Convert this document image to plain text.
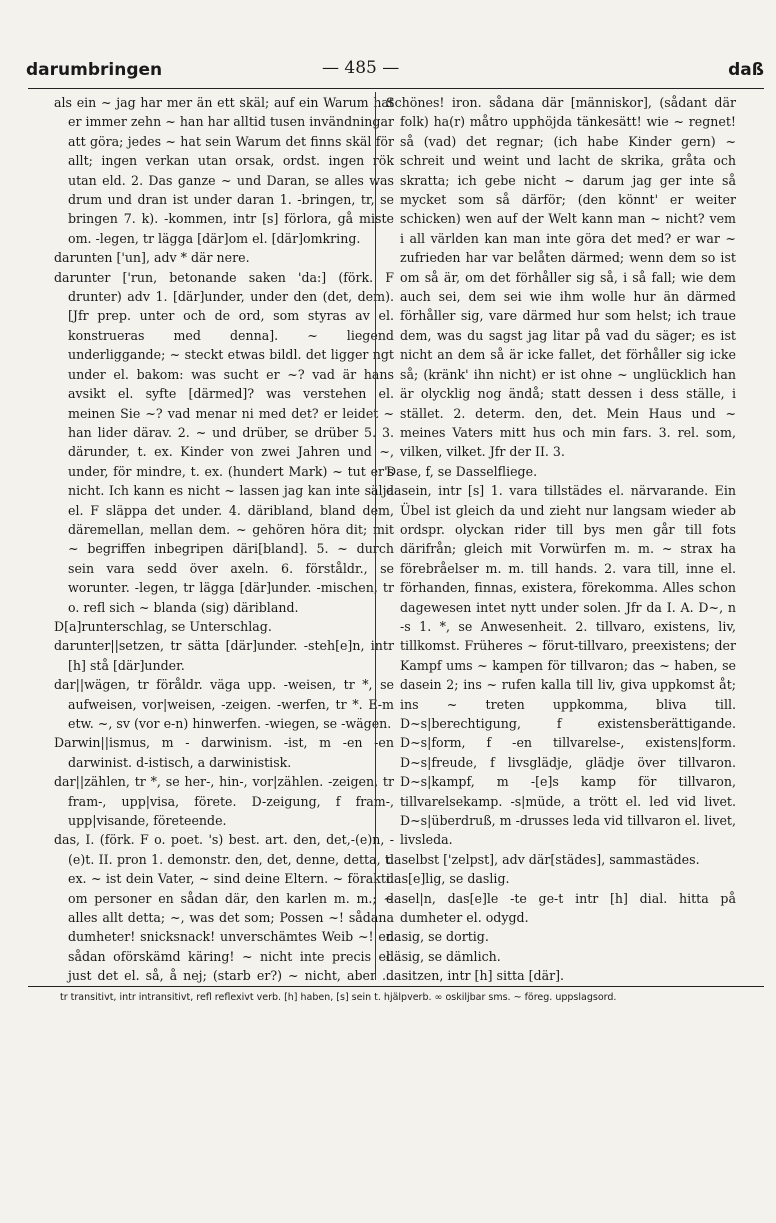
darumbringen	— 485 —	daß

als ein ~ jag har mer än ett skäl; auf ein Warum hat er immer zehn ~ han har alltid tusen invändningar att göra; jedes ~ hat sein Warum det finns skäl för allt; ingen verkan utan orsak, ordst. ingen rök utan eld. 2. Das ganze ~ und Daran, se alles was drum und dran ist under daran 1. -bringen, tr, se bringen 7. k). -kommen, intr [s] förlora, gå miste om. -legen, tr lägga [där]om el. [där]omkring.

darunten ['un], adv * där nere.

darunter ['run, betonande saken 'da:] (förk. F drunter) adv 1. [där]under, under den (det, dem). [Jfr prep. unter och de ord, som styras av el. konstrueras med denna]. ~ liegend underliggande; ~ steckt etwas bildl. det ligger ngt under el. bakom: was sucht er ~? vad är hans avsikt el. syfte [därmed]? was verstehen el. meinen Sie ~? vad menar ni med det? er leidet ~ han lider därav. 2. ~ und drüber, se drüber 5. 3. därunder, t. ex. Kinder von zwei Jahren und ~, under, för mindre, t. ex. (hundert Mark) ~ tut er's nicht. Ich kann es nicht ~ lassen jag kan inte sälja el. F släppa det under. 4. däribland, bland dem, däremellan, mellan dem. ~ gehören höra dit; mit ~ begriffen inbegripen däri[bland]. 5. ~ durch sein vara sedd över axeln. 6. förståldr., se worunter. -legen, tr lägga [där]under. -mischen, tr o. refl sich ~ blanda (sig) däribland.

D[a]runterschlag, se Unterschlag.

darunter||setzen, tr sätta [där]under. -steh[e]n, intr [h] stå [där]under.

dar||wägen, tr föråldr. väga upp. -weisen, tr *, se aufweisen, vor|weisen, -zeigen. -werfen, tr *. E-m etw. ~, sv (vor e-n) hinwerfen. -wiegen, se -wägen.

Darwin||ismus, m - darwinism. -ist, m -en -en darwinist. d-istisch, a darwinistisk.

dar||zählen, tr *, se her-, hin-, vor|zählen. -zeigen, tr fram-, upp|visa, förete. D-zeigung, f fram-, upp|visande, företeende.

das, I. (förk. F o. poet. 's) best. art. den, det,-(e)n, -(e)t. II. pron 1. demonstr. den, det, denne, detta, t. ex. ~ ist dein Vater, ~ sind deine Eltern. ~ förakti. om personer en sådan där, den karlen m. m.; ~ alles allt detta; ~, was det som; Possen ~! sådana dumheter! snicksnack! unverschämtes Weib ~! en sådan oförskämd käring! ~ nicht inte precis el. just det el. så, å nej; (starb er?) ~ nicht, aber ...

Schönes! iron. sådana där [människor], (sådant där folk) ha(r) måtro upphöjda tänkesätt! wie ~ regnet! så (vad) det regnar; (ich habe Kinder gern) ~ schreit und weint und lacht de skrika, gråta och skratta; ich gebe nicht ~ darum jag ger inte så mycket som så därför; (den könnt' er weiter schicken) wen auf der Welt kann man ~ nicht? vem i all världen kan man inte göra det med? er war ~ zufrieden har var belåten därmed; wenn dem so ist om så är, om det förhåller sig så, i så fall; wie dem auch sei, dem sei wie ihm wolle hur än därmed förhåller sig, vare därmed hur som helst; ich traue dem, was du sagst jag litar på vad du säger; es ist nicht an dem så är icke fallet, det förhåller sig icke så; (kränk' ihn nicht) er ist ohne ~ unglücklich han är olycklig nog ändå; statt dessen i dess ställe, i stället. 2. determ. den, det. Mein Haus und ~ meines Vaters mitt hus och min fars. 3. rel. som, vilken, vilket. Jfr der II. 3.

Dase, f, se Dasselfliege.

dasein, intr [s] 1. vara tillstädes el. närvarande. Ein Übel ist gleich da und zieht nur langsam wieder ab ordspr. olyckan rider till bys men går till fots därifrån; gleich mit Vorwürfen m. m. ~ strax ha förebråelser m. m. till hands. 2. vara till, inne el. förhanden, finnas, existera, förekomma. Alles schon dagewesen intet nytt under solen. Jfr da I. A. D~, n -s 1. *, se Anwesenheit. 2. tillvaro, existens, liv, tillkomst. Früheres ~ förut-tillvaro, preexistens; der Kampf ums ~ kampen för tillvaron; das ~ haben, se dasein 2; ins ~ rufen kalla till liv, giva uppkomst åt; ins ~ treten uppkomma, bliva till. D~s|berechtigung, f existensberättigande. D~s|form, f -en tillvarelse-, existens|form. D~s|freude, f livsglädje, glädje över tillvaron. D~s|kampf, m -[e]s kamp för tillvaron, tillvarelsekamp. -s|müde, a trött el. led vid livet. D~s|überdruß, m -drusses leda vid tillvaron el. livet, livsleda.

daselbst ['zelpst], adv där[städes], sammastädes.

das[e]lig, se daslig.

dasel|n, das[e]le -te ge-t intr [h] dial. hitta på dumheter el. odygd.

dasig, se dortig.

däsig, se dämlich.

dasitzen, intr [h] sitta [där].

tr transitivt, intr intransitivt, refl reflexivt verb. [h] haben, [s] sein t. hjälpverb. ∞ oskiljbar sms. ~ föreg. uppslagsord.
